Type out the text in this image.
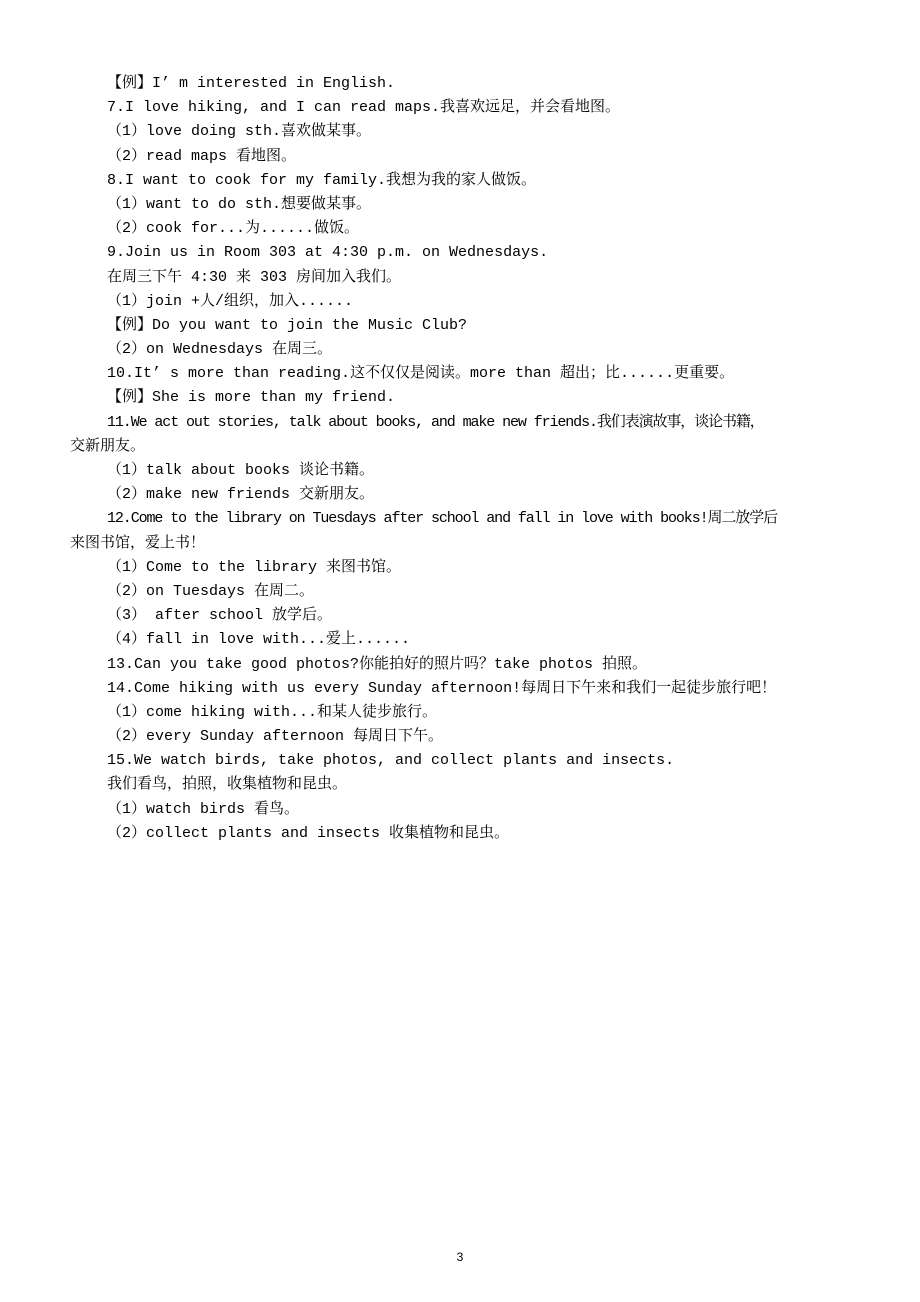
【例】I’ m interested in English.
7.I love hiking, and I can read maps.我喜欢远足，并会看地图。
（1）love doing sth.喜欢做某事。
（2）read maps 看地图。
8.I want to cook for my family.我想为我的家人做饭。
（1）want to do sth.想要做某事。
（2）cook for...为......做饭。
9.Join us in Room 303 at 4:30 p.m. on Wednesdays.
在周三下午 4:30 来 303 房间加入我们。
（1）join +人/组织，加入......
【例】Do you want to join the Music Club?
（2）on Wednesdays 在周三。
10.It’ s more than reading.这不仅仅是阅读。more than 超出；比......更重要。
【例】She is more than my friend.
11.We act out stories, talk about books, and make new friends.我们表演故事，谈论书籍，
交新朋友。
（1）talk about books 谈论书籍。
（2）make new friends 交新朋友。
12.Come to the library on Tuesdays after school and fall in love with books!周二放学后
来图书馆，爱上书！
（1）Come to the library 来图书馆。
（2）on Tuesdays 在周二。
（3） after school 放学后。
（4）fall in love with...爱上......
13.Can you take good photos?你能拍好的照片吗？take photos 拍照。
14.Come hiking with us every Sunday afternoon!每周日下午来和我们一起徒步旅行吧！
（1）come hiking with...和某人徒步旅行。
（2）every Sunday afternoon 每周日下午。
15.We watch birds, take photos, and collect plants and insects.
我们看鸟，拍照，收集植物和昆虫。
（1）watch birds 看鸟。
（2）collect plants and insects 收集植物和昆虫。
3
